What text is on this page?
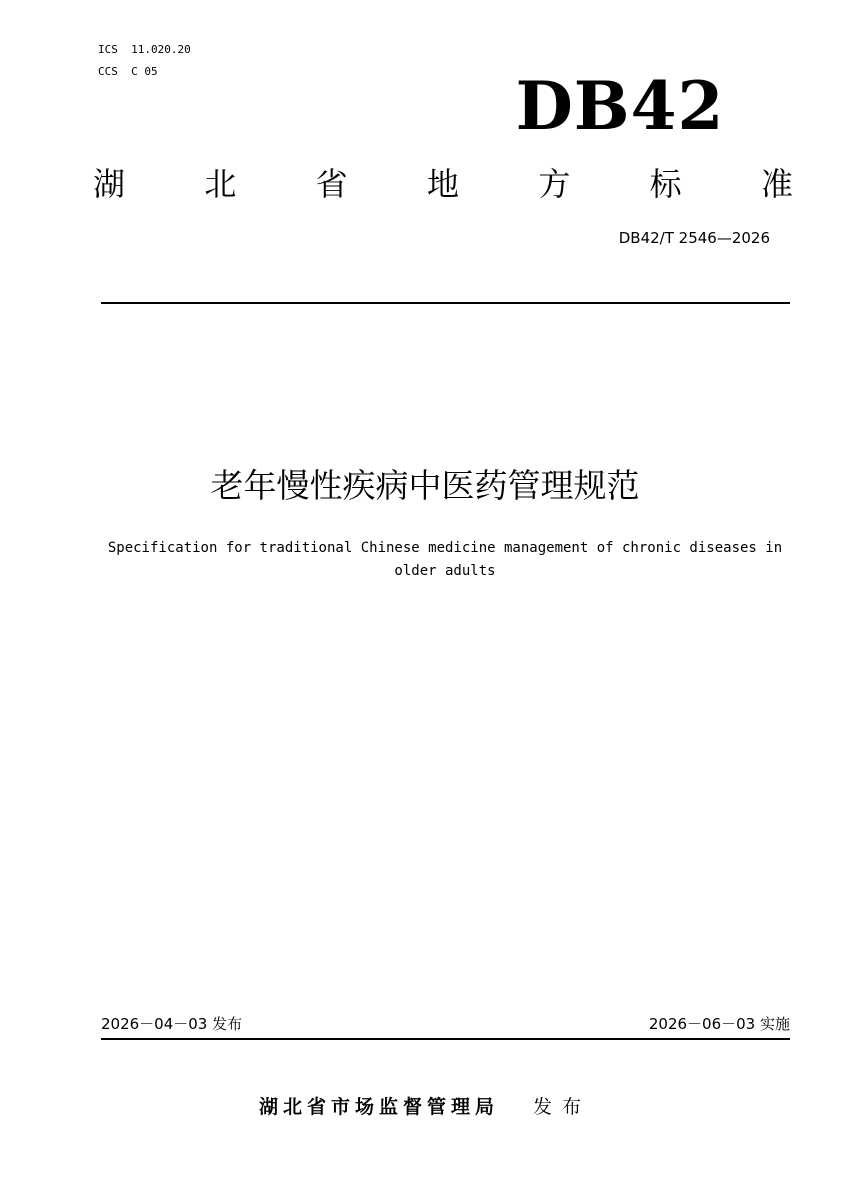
ICS  11.020.20
CCS  C 05	DB42
湖 北 省 地 方 标 准
DB42/T 2546—2026
老年慢性疾病中医药管理规范
Specification for traditional Chinese medicine management of chronic diseases in older adults
2026－04－03 发布	2026－06－03 实施
湖北省市场监督管理局 发布
